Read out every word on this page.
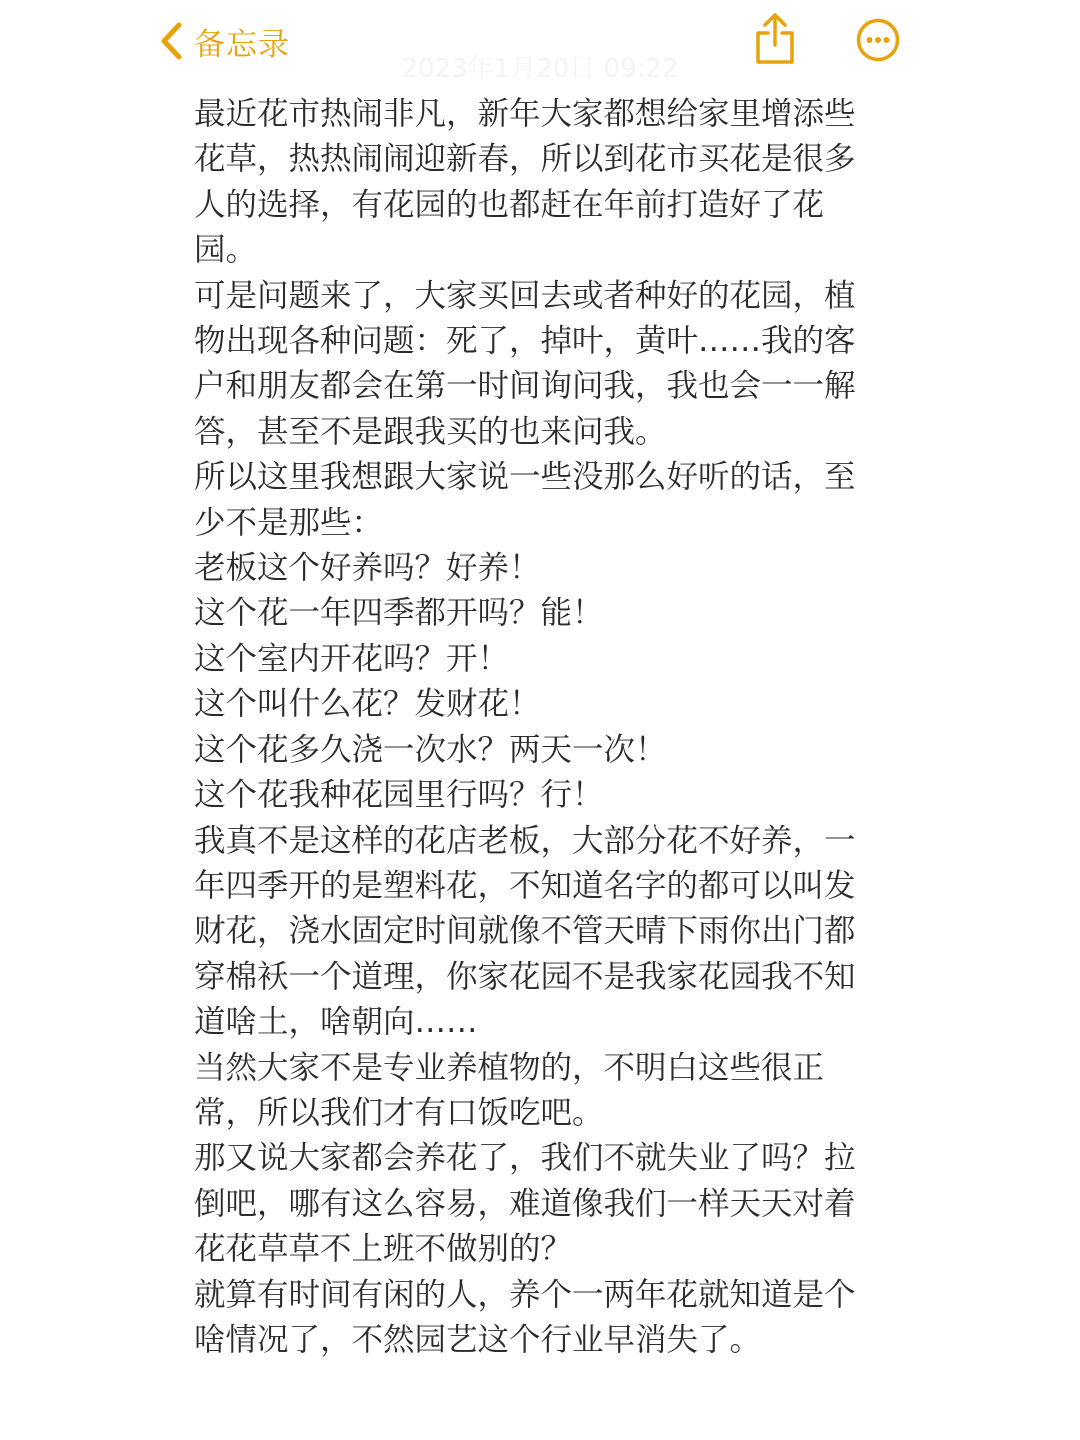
备忘录
2023年1月20日 09:22

最近花市热闹非凡，新年大家都想给家里增添些花草，热热闹闹迎新春，所以到花市买花是很多人的选择，有花园的也都赶在年前打造好了花园。

可是问题来了，大家买回去或者种好的花园，植物出现各种问题：死了，掉叶，黄叶……我的客户和朋友都会在第一时间询问我，我也会一一解答，甚至不是跟我买的也来问我。

所以这里我想跟大家说一些没那么好听的话，至少不是那些：

老板这个好养吗？好养！

这个花一年四季都开吗？能！

这个室内开花吗？开！

这个叫什么花？发财花！

这个花多久浇一次水？两天一次！

这个花我种花园里行吗？行！

我真不是这样的花店老板，大部分花不好养，一年四季开的是塑料花，不知道名字的都可以叫发财花，浇水固定时间就像不管天晴下雨你出门都穿棉袄一个道理，你家花园不是我家花园我不知道啥土，啥朝向……

当然大家不是专业养植物的，不明白这些很正常，所以我们才有口饭吃吧。

那又说大家都会养花了，我们不就失业了吗？拉倒吧，哪有这么容易，难道像我们一样天天对着花花草草不上班不做别的？

就算有时间有闲的人，养个一两年花就知道是个啥情况了，不然园艺这个行业早消失了。
